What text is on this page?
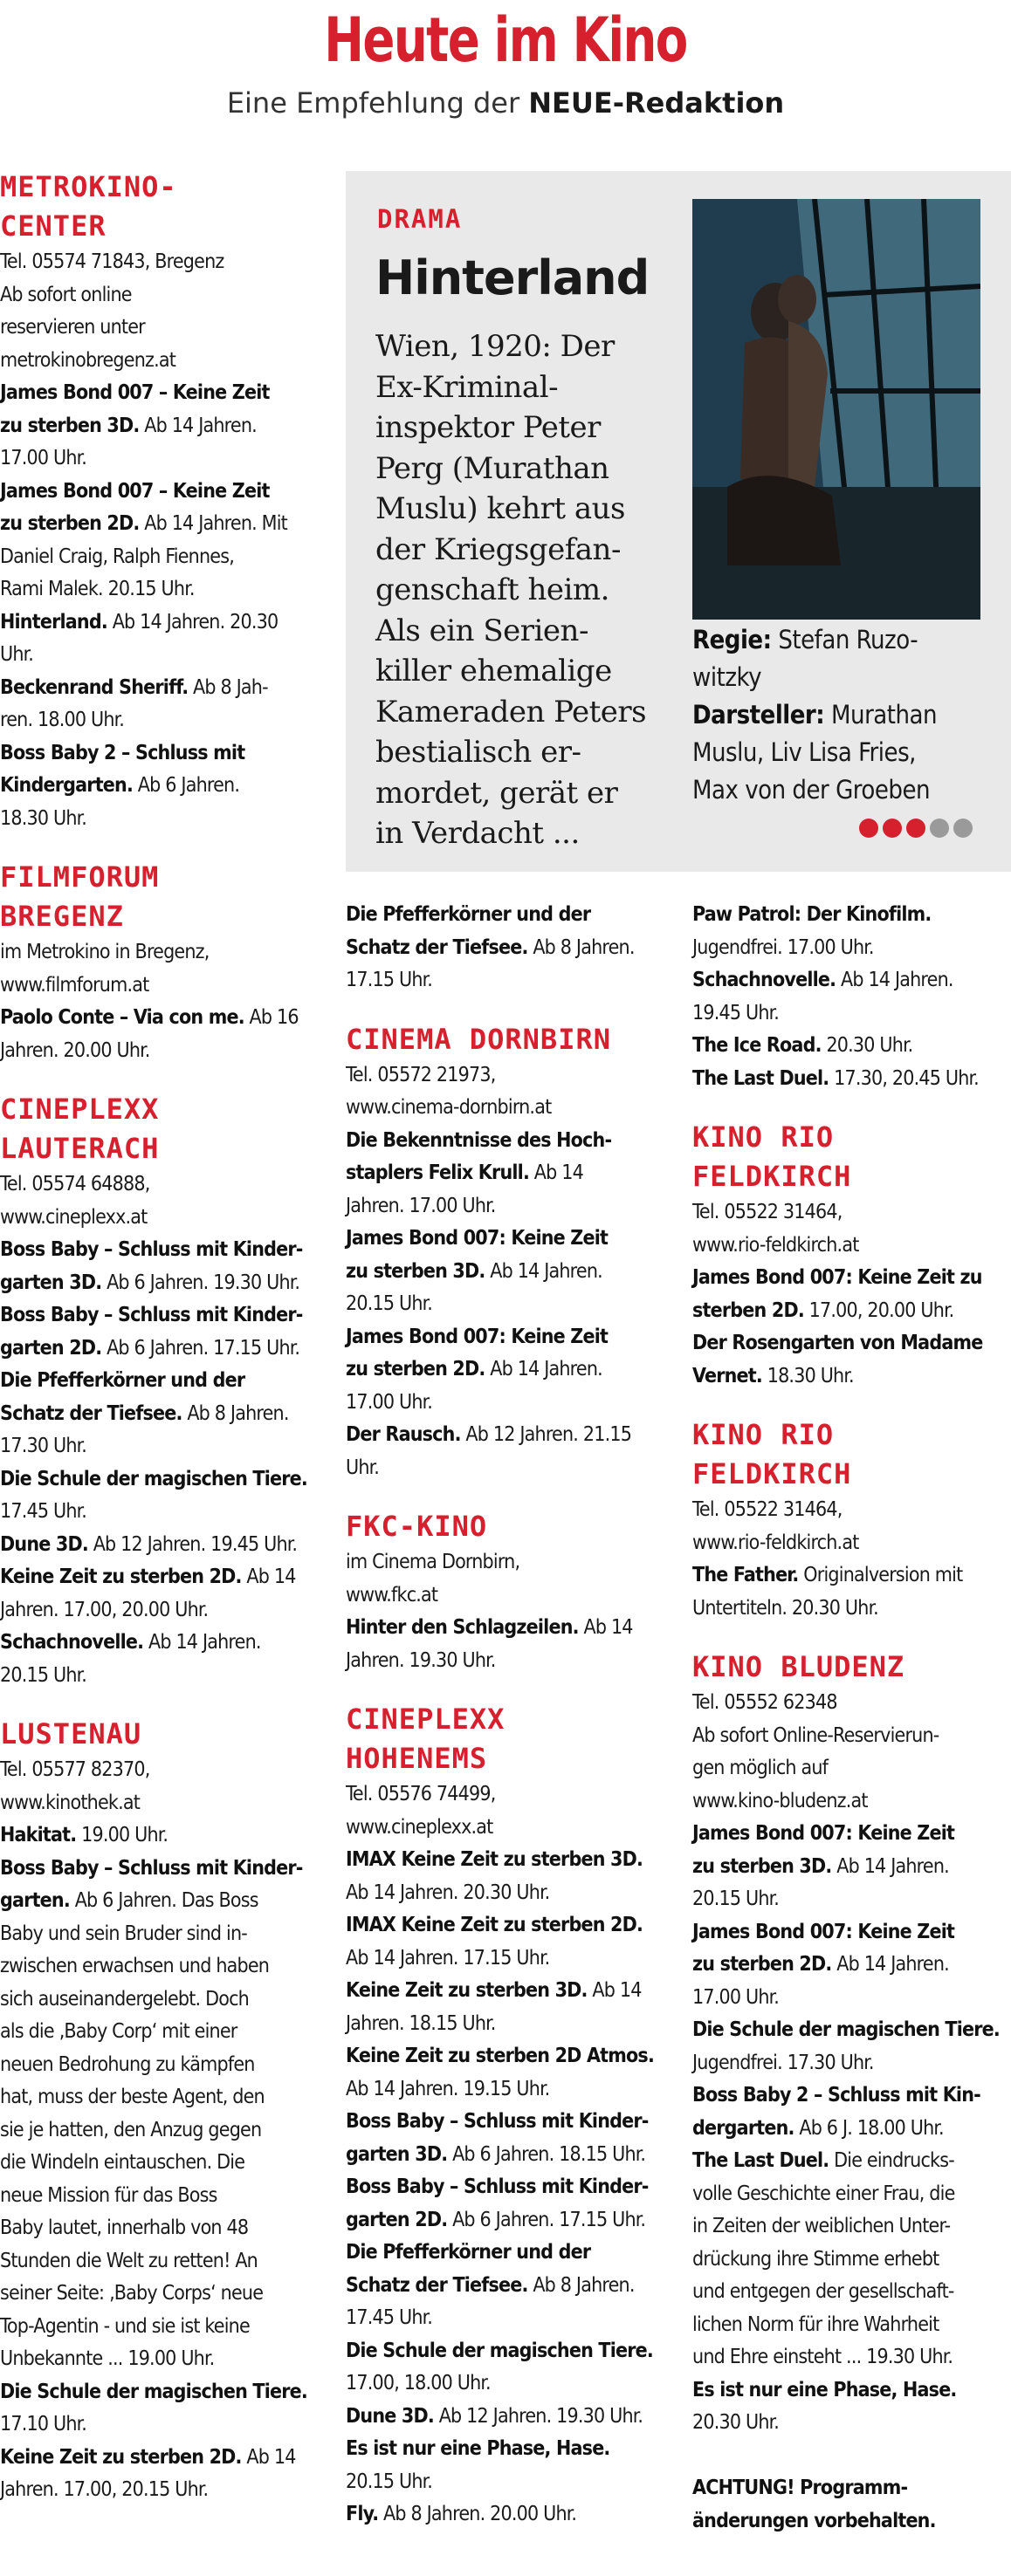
Heute im Kino
Eine Empfehlung der NEUE-Redaktion
DRAMA
Hinterland
Wien, 1920: Der
Ex-Kriminal-
inspektor Peter
Perg (Murathan
Muslu) kehrt aus
der Kriegsgefan-
genschaft heim.
Als ein Serien-
killer ehemalige
Kameraden Peters
bestialisch er-
mordet, gerät er
in Verdacht ...
Regie: Stefan Ruzo-
witzky
Darsteller: Murathan
Muslu, Liv Lisa Fries,
Max von der Groeben
METROKINO-
CENTER
Tel. 05574 71843, Bregenz
Ab sofort online
reservieren unter
metrokinobregenz.at
James Bond 007 – Keine Zeit
zu sterben 3D. Ab 14 Jahren.
17.00 Uhr.
James Bond 007 – Keine Zeit
zu sterben 2D. Ab 14 Jahren. Mit
Daniel Craig, Ralph Fiennes,
Rami Malek. 20.15 Uhr.
Hinterland. Ab 14 Jahren. 20.30
Uhr.
Beckenrand Sheriff. Ab 8 Jah-
ren. 18.00 Uhr.
Boss Baby 2 – Schluss mit
Kindergarten. Ab 6 Jahren.
18.30 Uhr.
FILMFORUM
BREGENZ
im Metrokino in Bregenz,
www.filmforum.at
Paolo Conte – Via con me. Ab 16
Jahren. 20.00 Uhr.
CINEPLEXX
LAUTERACH
Tel. 05574 64888,
www.cineplexx.at
Boss Baby – Schluss mit Kinder-
garten 3D. Ab 6 Jahren. 19.30 Uhr.
Boss Baby – Schluss mit Kinder-
garten 2D. Ab 6 Jahren. 17.15 Uhr.
Die Pfefferkörner und der
Schatz der Tiefsee. Ab 8 Jahren.
17.30 Uhr.
Die Schule der magischen Tiere.
17.45 Uhr.
Dune 3D. Ab 12 Jahren. 19.45 Uhr.
Keine Zeit zu sterben 2D. Ab 14
Jahren. 17.00, 20.00 Uhr.
Schachnovelle. Ab 14 Jahren.
20.15 Uhr.
LUSTENAU
Tel. 05577 82370,
www.kinothek.at
Hakitat. 19.00 Uhr.
Boss Baby – Schluss mit Kinder-
garten. Ab 6 Jahren. Das Boss
Baby und sein Bruder sind in-
zwischen erwachsen und haben
sich auseinandergelebt. Doch
als die ‚Baby Corp‘ mit einer
neuen Bedrohung zu kämpfen
hat, muss der beste Agent, den
sie je hatten, den Anzug gegen
die Windeln eintauschen. Die
neue Mission für das Boss
Baby lautet, innerhalb von 48
Stunden die Welt zu retten! An
seiner Seite: ‚Baby Corps‘ neue
Top-Agentin - und sie ist keine
Unbekannte ... 19.00 Uhr.
Die Schule der magischen Tiere.
17.10 Uhr.
Keine Zeit zu sterben 2D. Ab 14
Jahren. 17.00, 20.15 Uhr.
Die Pfefferkörner und der
Schatz der Tiefsee. Ab 8 Jahren.
17.15 Uhr.
CINEMA DORNBIRN
Tel. 05572 21973,
www.cinema-dornbirn.at
Die Bekenntnisse des Hoch-
staplers Felix Krull. Ab 14
Jahren. 17.00 Uhr.
James Bond 007: Keine Zeit
zu sterben 3D. Ab 14 Jahren.
20.15 Uhr.
James Bond 007: Keine Zeit
zu sterben 2D. Ab 14 Jahren.
17.00 Uhr.
Der Rausch. Ab 12 Jahren. 21.15
Uhr.
FKC-KINO
im Cinema Dornbirn,
www.fkc.at
Hinter den Schlagzeilen. Ab 14
Jahren. 19.30 Uhr.
CINEPLEXX
HOHENEMS
Tel. 05576 74499,
www.cineplexx.at
IMAX Keine Zeit zu sterben 3D.
Ab 14 Jahren. 20.30 Uhr.
IMAX Keine Zeit zu sterben 2D.
Ab 14 Jahren. 17.15 Uhr.
Keine Zeit zu sterben 3D. Ab 14
Jahren. 18.15 Uhr.
Keine Zeit zu sterben 2D Atmos.
Ab 14 Jahren. 19.15 Uhr.
Boss Baby – Schluss mit Kinder-
garten 3D. Ab 6 Jahren. 18.15 Uhr.
Boss Baby – Schluss mit Kinder-
garten 2D. Ab 6 Jahren. 17.15 Uhr.
Die Pfefferkörner und der
Schatz der Tiefsee. Ab 8 Jahren.
17.45 Uhr.
Die Schule der magischen Tiere.
17.00, 18.00 Uhr.
Dune 3D. Ab 12 Jahren. 19.30 Uhr.
Es ist nur eine Phase, Hase.
20.15 Uhr.
Fly. Ab 8 Jahren. 20.00 Uhr.
Paw Patrol: Der Kinofilm.
Jugendfrei. 17.00 Uhr.
Schachnovelle. Ab 14 Jahren.
19.45 Uhr.
The Ice Road. 20.30 Uhr.
The Last Duel. 17.30, 20.45 Uhr.
KINO RIO
FELDKIRCH
Tel. 05522 31464,
www.rio-feldkirch.at
James Bond 007: Keine Zeit zu
sterben 2D. 17.00, 20.00 Uhr.
Der Rosengarten von Madame
Vernet. 18.30 Uhr.
KINO RIO
FELDKIRCH
Tel. 05522 31464,
www.rio-feldkirch.at
The Father. Originalversion mit
Untertiteln. 20.30 Uhr.
KINO BLUDENZ
Tel. 05552 62348
Ab sofort Online-Reservierun-
gen möglich auf
www.kino-bludenz.at
James Bond 007: Keine Zeit
zu sterben 3D. Ab 14 Jahren.
20.15 Uhr.
James Bond 007: Keine Zeit
zu sterben 2D. Ab 14 Jahren.
17.00 Uhr.
Die Schule der magischen Tiere.
Jugendfrei. 17.30 Uhr.
Boss Baby 2 – Schluss mit Kin-
dergarten. Ab 6 J. 18.00 Uhr.
The Last Duel. Die eindrucks-
volle Geschichte einer Frau, die
in Zeiten der weiblichen Unter-
drückung ihre Stimme erhebt
und entgegen der gesellschaft-
lichen Norm für ihre Wahrheit
und Ehre einsteht ... 19.30 Uhr.
Es ist nur eine Phase, Hase.
20.30 Uhr.

ACHTUNG! Programm-
änderungen vorbehalten.
